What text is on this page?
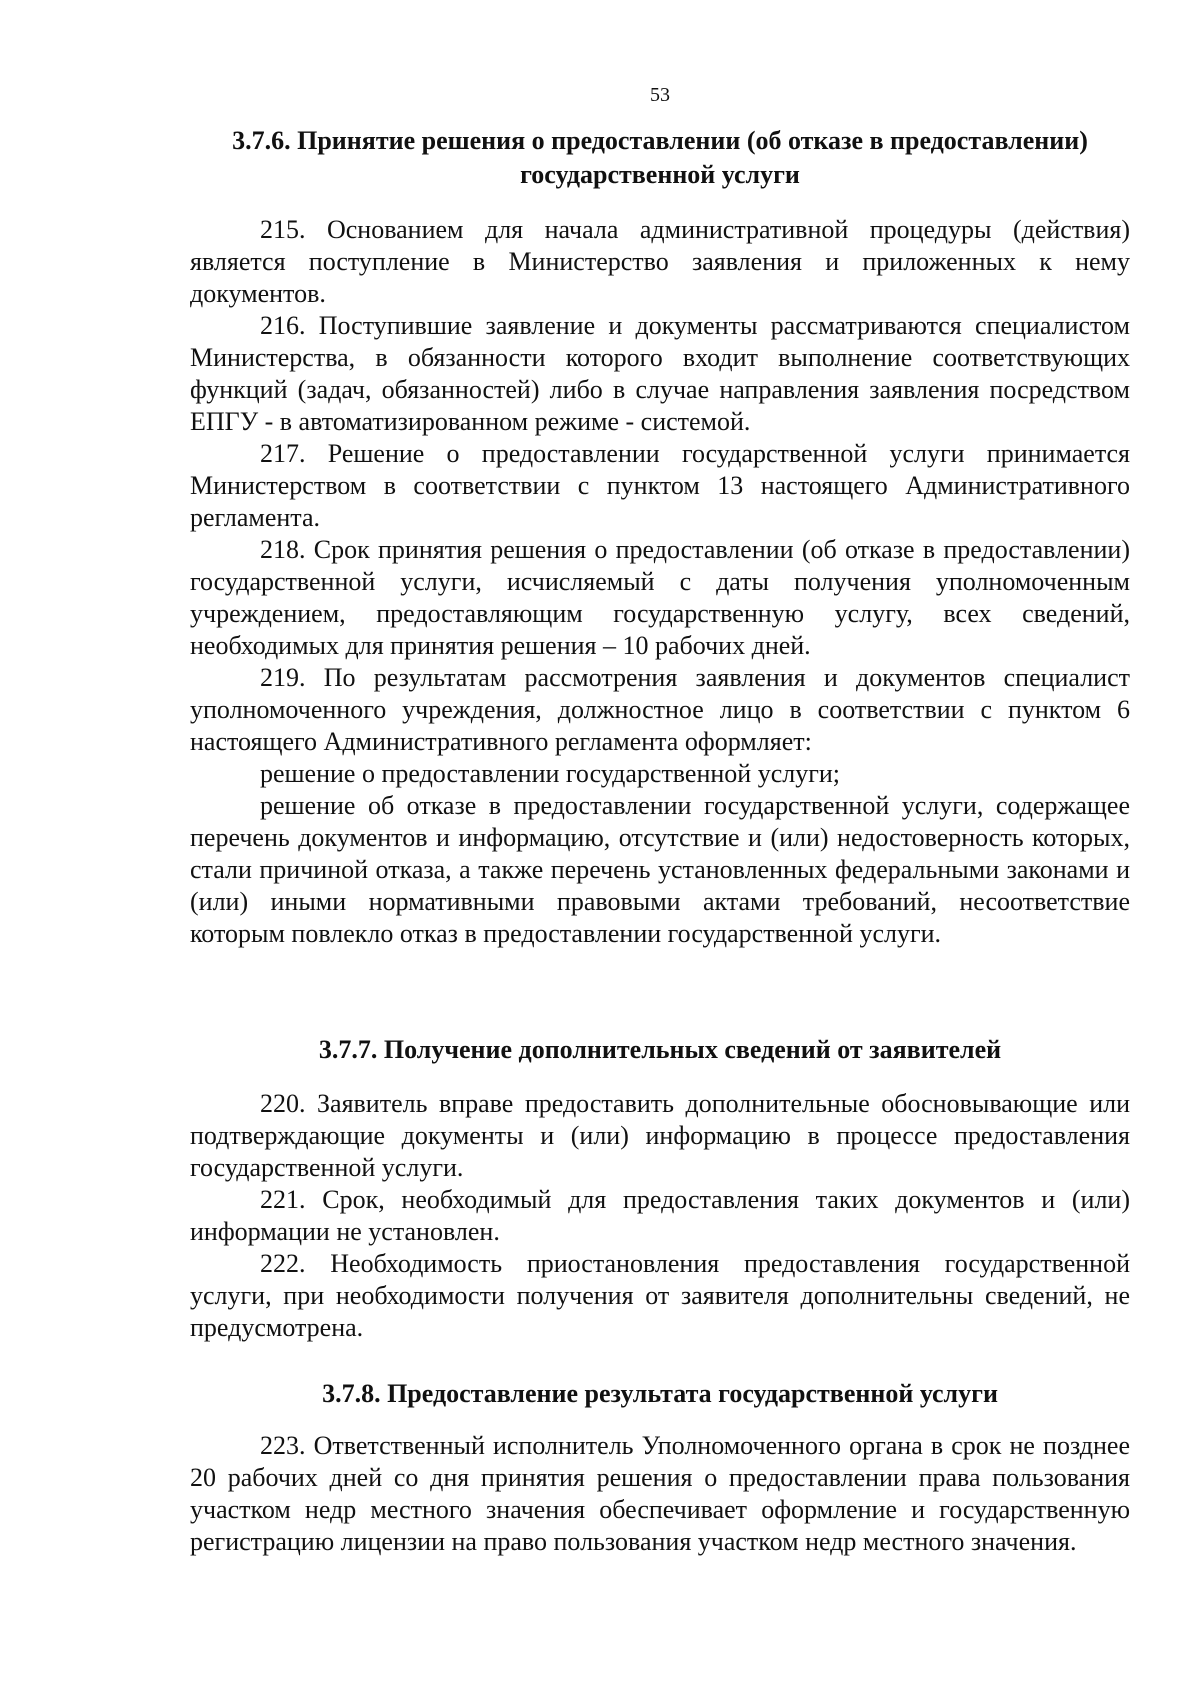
53

3.7.6. Принятие решения о предоставлении (об отказе в предоставлении)

государственной услуги

215. Основанием для начала административной процедуры (действия) является поступление в Министерство заявления и приложенных к нему документов.

216. Поступившие заявление и документы рассматриваются специалистом Министерства, в обязанности которого входит выполнение соответствующих функций (задач, обязанностей) либо в случае направления заявления посредством ЕПГУ - в автоматизированном режиме - системой.

217. Решение о предоставлении государственной услуги принимается Министерством в соответствии с пунктом 13 настоящего Административного регламента.

218. Срок принятия решения о предоставлении (об отказе в предоставлении) государственной услуги, исчисляемый с даты получения уполномоченным учреждением, предоставляющим государственную услугу, всех сведений, необходимых для принятия решения – 10 рабочих дней.

219. По результатам рассмотрения заявления и документов специалист уполномоченного учреждения, должностное лицо в соответствии с пунктом 6 настоящего Административного регламента оформляет:

решение о предоставлении государственной услуги;

решение об отказе в предоставлении государственной услуги, содержащее перечень документов и информацию, отсутствие и (или) недостоверность которых, стали причиной отказа, а также перечень установленных федеральными законами и (или) иными нормативными правовыми актами требований, несоответствие которым повлекло отказ в предоставлении государственной услуги.

3.7.7. Получение дополнительных сведений от заявителей

220. Заявитель вправе предоставить дополнительные обосновывающие или подтверждающие документы и (или) информацию в процессе предоставления государственной услуги.

221. Срок, необходимый для предоставления таких документов и (или) информации не установлен.

222. Необходимость приостановления предоставления государственной услуги, при необходимости получения от заявителя дополнительны сведений, не предусмотрена.

3.7.8. Предоставление результата государственной услуги

223. Ответственный исполнитель Уполномоченного органа в срок не позднее 20 рабочих дней со дня принятия решения о предоставлении права пользования участком недр местного значения обеспечивает оформление и государственную регистрацию лицензии на право пользования участком недр местного значения.
